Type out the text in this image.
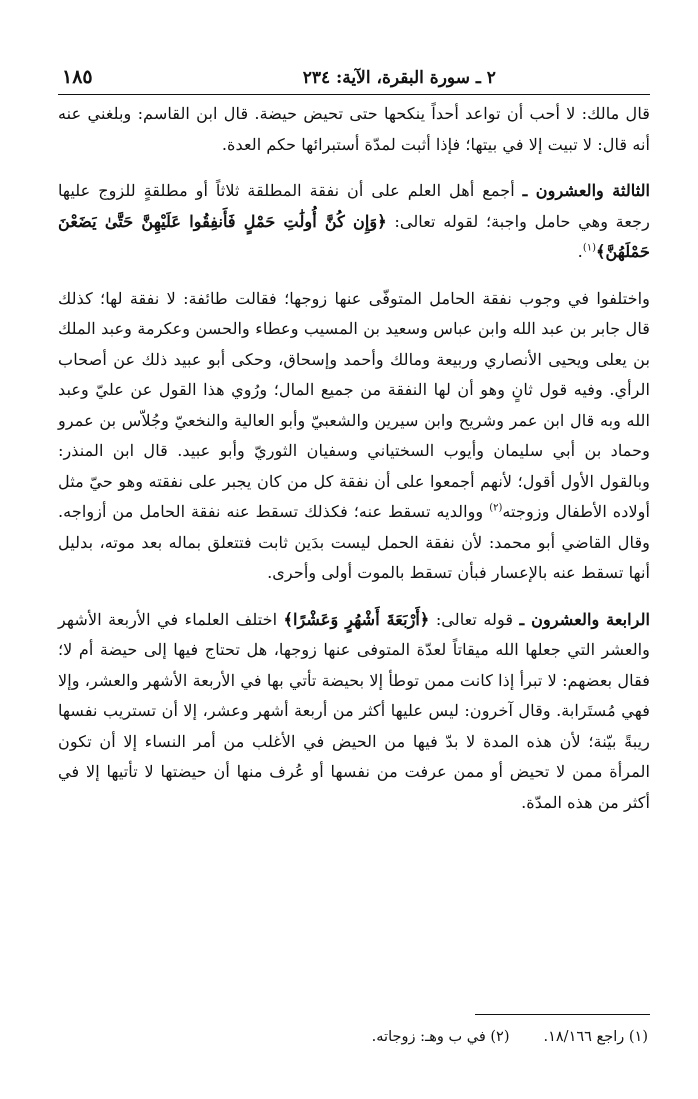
٢ ـ سورة البقرة، الآية: ٢٣٤
١٨٥

قال مالك: لا أحب أن تواعد أحداً ينكحها حتى تحيض حيضة. قال ابن القاسم: وبلغني عنه أنه قال: لا تبيت إلا في بيتها؛ فإذا أثبت لمدّة أستبرائها حكم العدة.

الثالثة والعشرون ـ أجمع أهل العلم على أن نفقة المطلقة ثلاثاً أو مطلقةٍ للزوج عليها رجعة وهي حامل واجبة؛ لقوله تعالى: ﴿وَإِن كُنَّ أُولَٰتِ حَمْلٍ فَأَنفِقُوا عَلَيْهِنَّ حَتَّىٰ يَضَعْنَ حَمْلَهُنَّ﴾$^{(١)}$.

واختلفوا في وجوب نفقة الحامل المتوفّى عنها زوجها؛ فقالت طائفة: لا نفقة لها؛ كذلك قال جابر بن عبد الله وابن عباس وسعيد بن المسيب وعطاء والحسن وعكرمة وعبد الملك بن يعلى ويحيى الأنصاري وربيعة ومالك وأحمد وإسحاق، وحكى أبو عبيد ذلك عن أصحاب الرأي. وفيه قول ثانٍ وهو أن لها النفقة من جميع المال؛ ورُوي هذا القول عن عليّ وعبد الله وبه قال ابن عمر وشريح وابن سيرين والشعبيّ وأبو العالية والنخعيّ وجُلاّس بن عمرو وحماد بن أبي سليمان وأيوب السختياني وسفيان الثوريّ وأبو عبيد. قال ابن المنذر: وبالقول الأول أقول؛ لأنهم أجمعوا على أن نفقة كل من كان يجبر على نفقته وهو حيّ مثل أولاده الأطفال وزوجته$^{(٢)}$ ووالديه تسقط عنه؛ فكذلك تسقط عنه نفقة الحامل من أزواجه. وقال القاضي أبو محمد: لأن نفقة الحمل ليست بدَين ثابت فتتعلق بماله بعد موته، بدليل أنها تسقط عنه بالإعسار فبأن تسقط بالموت أولى وأحرى.

الرابعة والعشرون ـ قوله تعالى: ﴿أَرْبَعَةَ أَشْهُرٍ وَعَشْرًا﴾ اختلف العلماء في الأربعة الأشهر والعشر التي جعلها الله ميقاتاً لعدّة المتوفى عنها زوجها، هل تحتاج فيها إلى حيضة أم لا؛ فقال بعضهم: لا تبرأ إذا كانت ممن توطأ إلا بحيضة تأتي بها في الأربعة الأشهر والعشر، وإلا فهي مُستَرابة. وقال آخرون: ليس عليها أكثر من أربعة أشهر وعشر، إلا أن تستريب نفسها ريبةً بيّنة؛ لأن هذه المدة لا بدّ فيها من الحيض في الأغلب من أمر النساء إلا أن تكون المرأة ممن لا تحيض أو ممن عرفت من نفسها أو عُرف منها أن حيضتها لا تأتيها إلا في أكثر من هذه المدّة.

(١) راجع ١٨/١٦٦.
(٢) في ب وهـ: زوجاته.
